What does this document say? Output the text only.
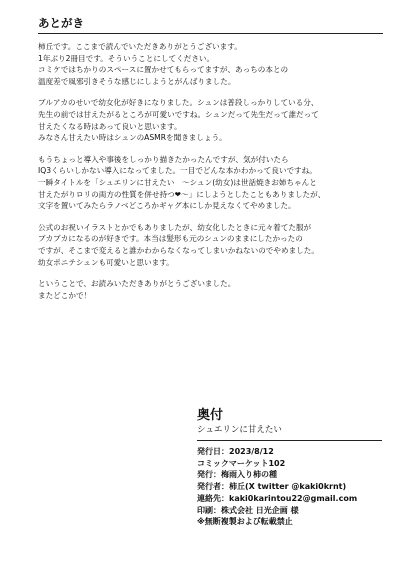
あとがき
柿丘です。ここまで読んでいただきありがとうございます。
1年ぶり2冊目です。そういうことにしてください。
コミケではちかりのスペースに置かせてもらってますが、あっちの本との
温度差で風邪引きそうな感じにしようとがんばりました。
ブルアカのせいで幼女化が好きになりました。シュンは普段しっかりしている分、
先生の前では甘えたがるところが可愛いですね。シュンだって先生だって誰だって
甘えたくなる時はあって良いと思います。
みなさん甘えたい時はシュンのASMRを聞きましょう。
もうちょっと導入や事後をしっかり描きたかったんですが、気が付いたら
IQ3くらいしかない導入になってました。一目でどんな本かわかって良いですね。
一瞬タイトルを「シュエリンに甘えたい　～シュン(幼女)は世話焼きお姉ちゃんと
甘えたがりロリの両方の性質を併せ持つ❤～」にしようとしたこともありましたが、
文字を置いてみたらラノベどころかギャグ本にしか見えなくてやめました。
公式のお祝いイラストとかでもありましたが、幼女化したときに元々着てた服が
ブカブカになるのが好きです。本当は髪形も元のシュンのままにしたかったの
ですが、そこまで変えると誰かわからなくなってしまいかねないのでやめました。
幼女ポニテシュンも可愛いと思います。
ということで、お読みいただきありがとうございました。
またどこかで！
奥付
シュエリンに甘えたい
発行日：2023/8/12
コミックマーケット102
発行：梅雨入り柿の種
発行者：柿丘(X twitter @kaki0krnt)
連絡先：kaki0karintou22@gmail.com
印刷：株式会社 日光企画 様
※無断複製および転載禁止
